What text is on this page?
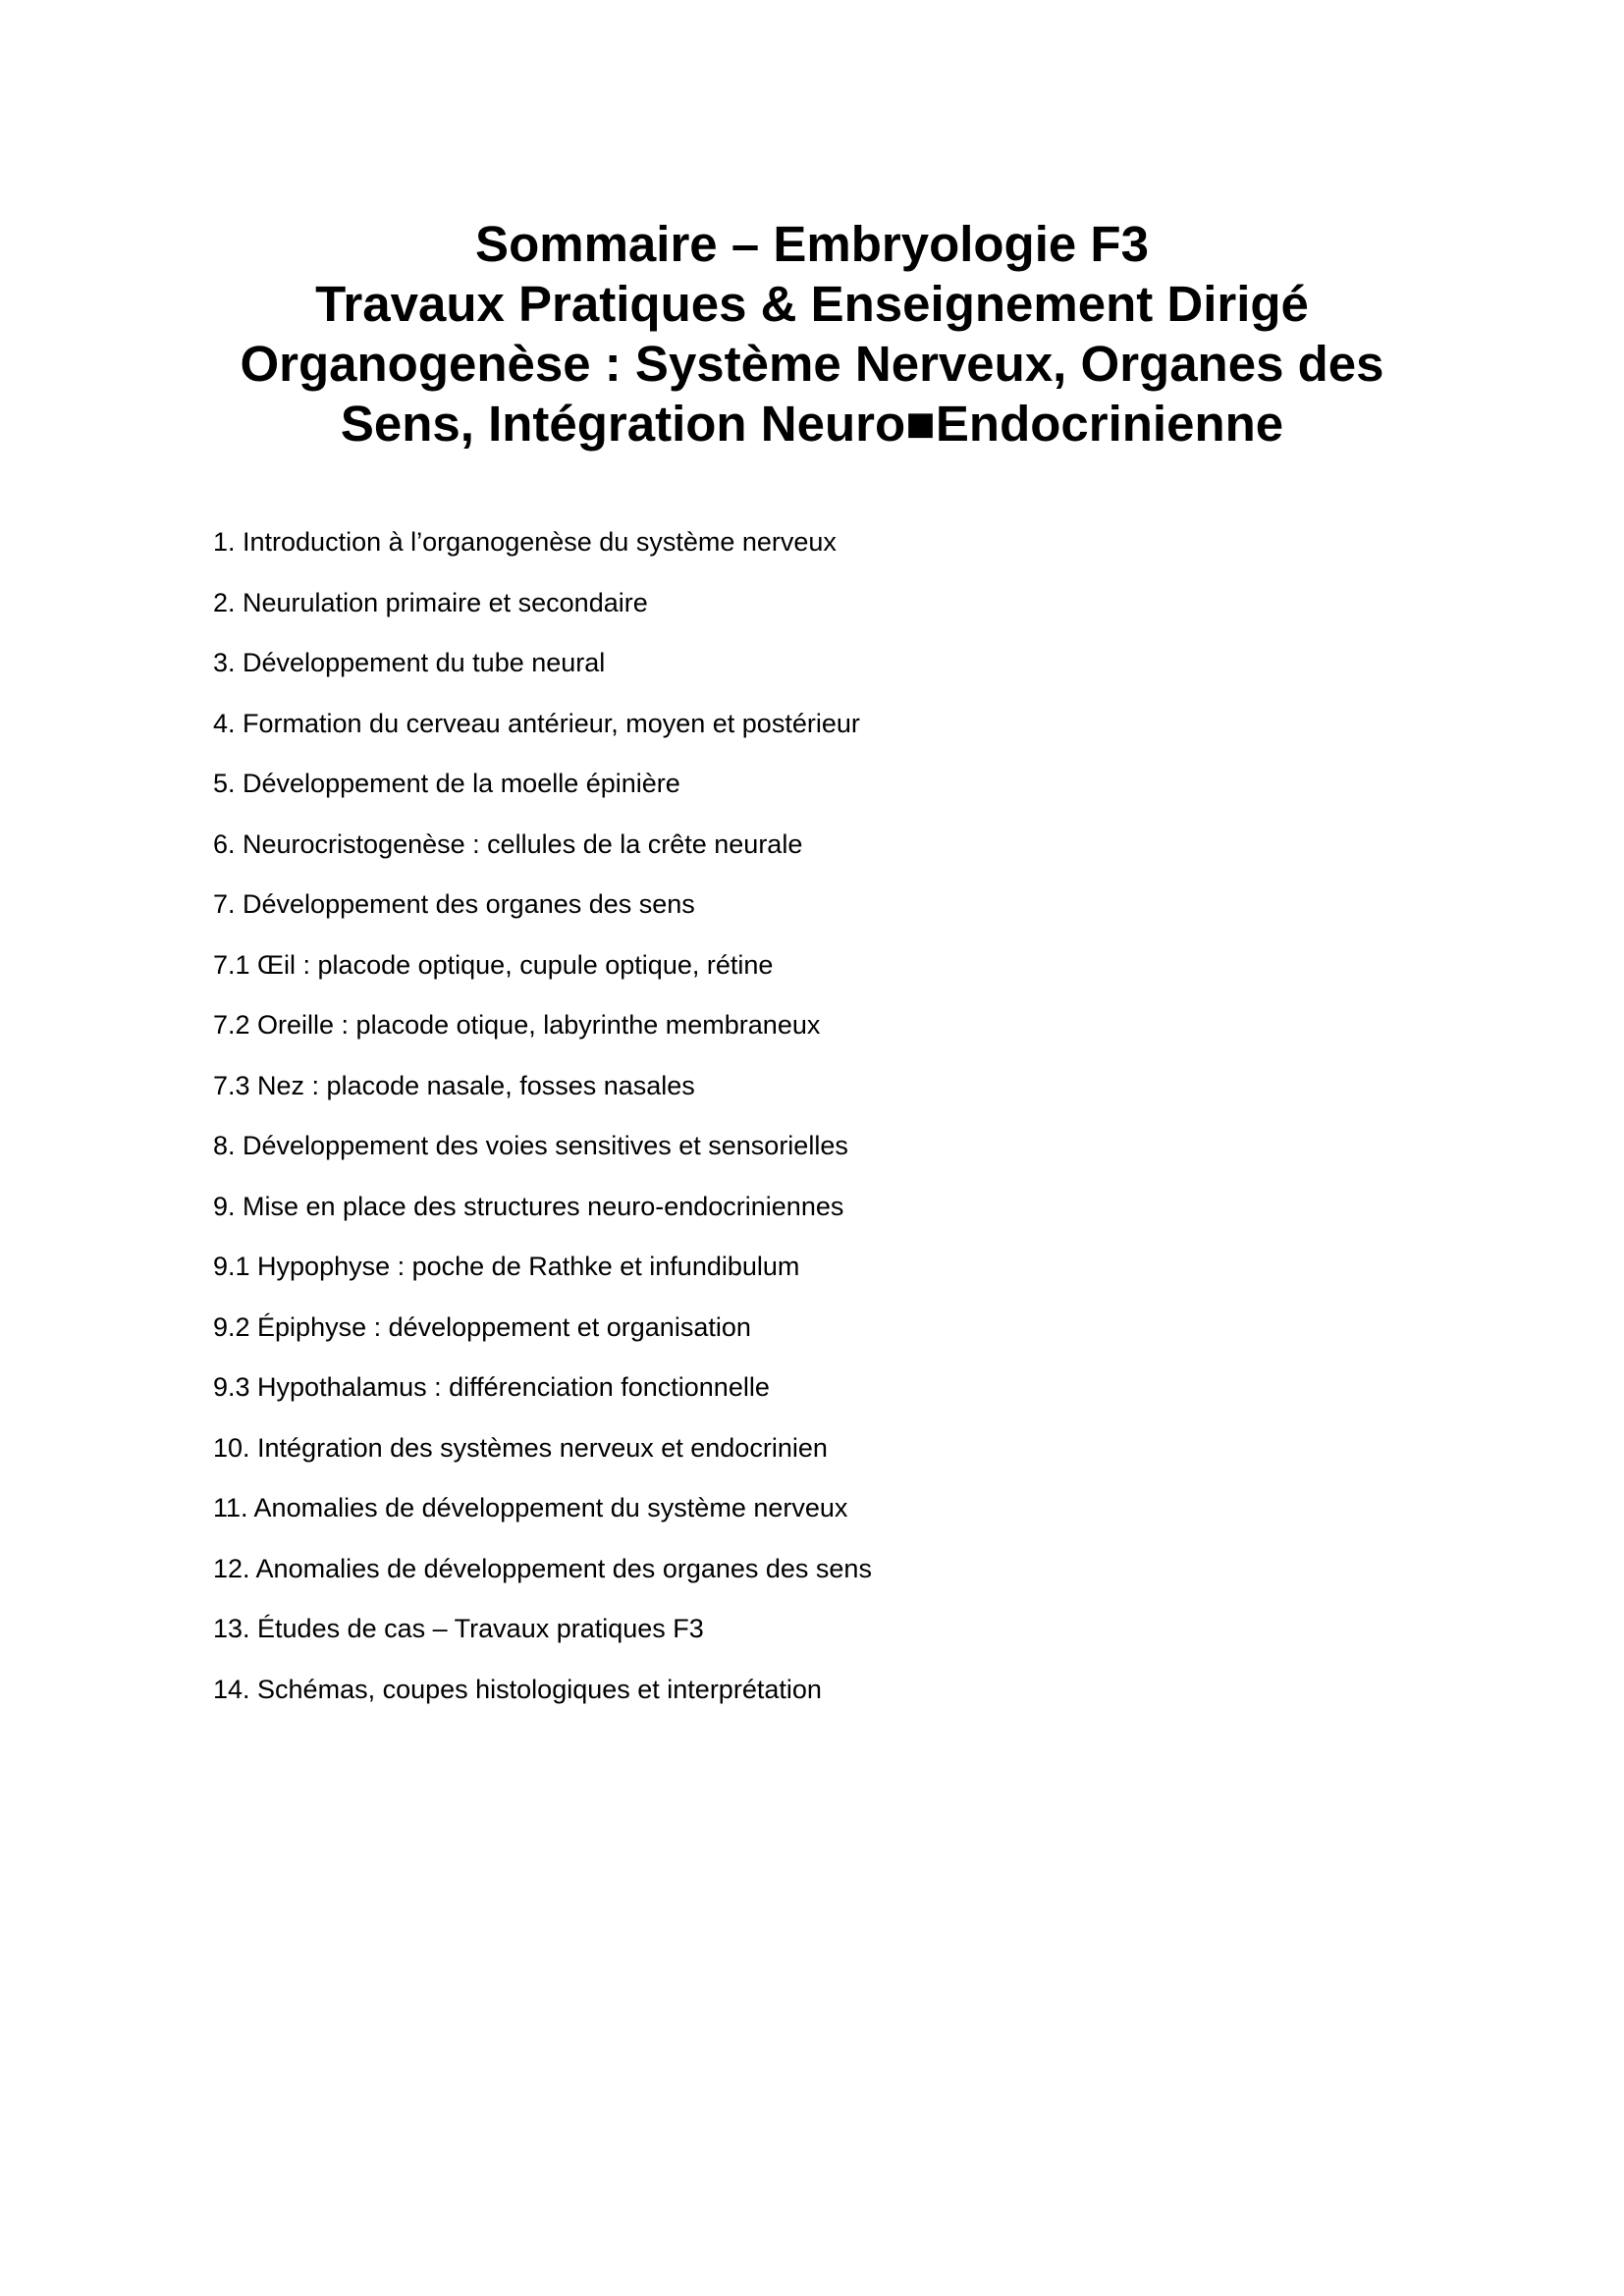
Sommaire – Embryologie F3
Travaux Pratiques & Enseignement Dirigé
Organogenèse : Système Nerveux, Organes des
Sens, Intégration Neuro■Endocrinienne
1. Introduction à l’organogenèse du système nerveux
2. Neurulation primaire et secondaire
3. Développement du tube neural
4. Formation du cerveau antérieur, moyen et postérieur
5. Développement de la moelle épinière
6. Neurocristogenèse : cellules de la crête neurale
7. Développement des organes des sens
7.1 Œil : placode optique, cupule optique, rétine
7.2 Oreille : placode otique, labyrinthe membraneux
7.3 Nez : placode nasale, fosses nasales
8. Développement des voies sensitives et sensorielles
9. Mise en place des structures neuro-endocriniennes
9.1 Hypophyse : poche de Rathke et infundibulum
9.2 Épiphyse : développement et organisation
9.3 Hypothalamus : différenciation fonctionnelle
10. Intégration des systèmes nerveux et endocrinien
11. Anomalies de développement du système nerveux
12. Anomalies de développement des organes des sens
13. Études de cas – Travaux pratiques F3
14. Schémas, coupes histologiques et interprétation
